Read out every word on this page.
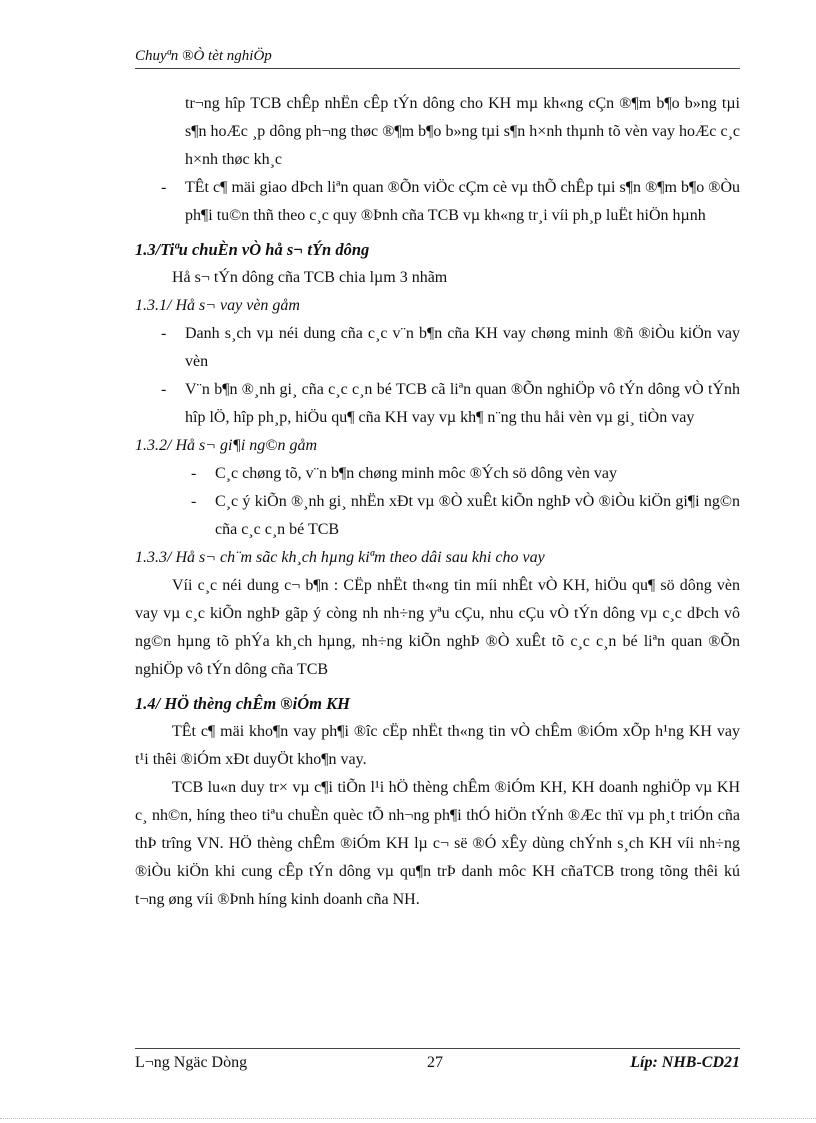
Chuyªn ®Ò tèt nghiÖp

tr¬ng hîp TCB chÊp nhËn cÊp tÝn dông cho KH mµ kh«ng cÇn ®¶m b¶o b»ng tµi s¶n hoÆc ¸p dông ph¬ng thøc ®¶m b¶o b»ng tµi s¶n h×nh thµnh tõ vèn vay hoÆc c¸c h×nh thøc kh¸c

- TÊt c¶ mäi giao dÞch liªn quan ®Õn viÖc cÇm cè vµ thÕ chÊp tµi s¶n ®¶m b¶o ®Òu ph¶i tu©n thñ theo c¸c quy ®Þnh cña TCB vµ kh«ng tr¸i víi ph¸p luËt hiÖn hµnh

1.3/Tiªu chuÈn vÒ hå s¬ tÝn dông

Hå s¬ tÝn dông cña TCB chia lµm 3 nhãm

1.3.1/ Hå s¬ vay vèn gåm

- Danh s¸ch vµ néi dung cña c¸c v¨n b¶n cña KH vay chøng minh ®ñ ®iÒu kiÖn vay vèn

- V¨n b¶n ®¸nh gi¸ cña c¸c c¸n bé TCB cã liªn quan ®Õn nghiÖp vô tÝn dông vÒ tÝnh hîp lÖ, hîp ph¸p, hiÖu qu¶ cña KH vay vµ kh¶ n¨ng thu håi vèn vµ gi¸ tiÒn vay

1.3.2/ Hå s¬ gi¶i ng©n gåm

- C¸c chøng tõ, v¨n b¶n chøng minh môc ®Ých sö dông vèn vay

- C¸c ý kiÕn ®¸nh gi¸ nhËn xÐt vµ ®Ò xuÊt kiÕn nghÞ vÒ ®iÒu kiÖn gi¶i ng©n cña c¸c c¸n bé TCB

1.3.3/ Hå s¬ ch¨m sãc kh¸ch hµng kiªm theo dâi sau khi cho vay

Víi c¸c néi dung c¬ b¶n : CËp nhËt th«ng tin míi nhÊt vÒ KH, hiÖu qu¶ sö dông vèn vay vµ c¸c kiÕn nghÞ gãp ý còng nh nh÷ng yªu cÇu, nhu cÇu vÒ tÝn dông vµ c¸c dÞch vô ng©n hµng tõ phÝa kh¸ch hµng, nh÷ng kiÕn nghÞ ®Ò xuÊt tõ c¸c c¸n bé liªn quan ®Õn nghiÖp vô tÝn dông cña TCB

1.4/ HÖ thèng chÊm ®iÓm KH

TÊt c¶ mäi kho¶n vay ph¶i ®îc cËp nhËt th«ng tin vÒ chÊm ®iÓm xÕp h¹ng KH vay t¹i thêi ®iÓm xÐt duyÖt kho¶n vay.

TCB lu«n duy tr× vµ c¶i tiÕn l¹i hÖ thèng chÊm ®iÓm KH, KH doanh nghiÖp vµ KH c¸ nh©n, híng theo tiªu chuÈn quèc tÕ nh¬ng ph¶i thÓ hiÖn tÝnh ®Æc thï vµ ph¸t triÓn cña thÞ trîng VN. HÖ thèng chÊm ®iÓm KH lµ c¬ së ®Ó xÊy dùng chÝnh s¸ch KH víi nh÷ng ®iÒu kiÖn khi cung cÊp tÝn dông vµ qu¶n trÞ danh môc KH cñaTCB trong tõng thêi kú t¬ng øng víi ®Þnh híng kinh doanh cña NH.

L¬ng Ngäc Dòng	27	Líp: NHB-CD21
